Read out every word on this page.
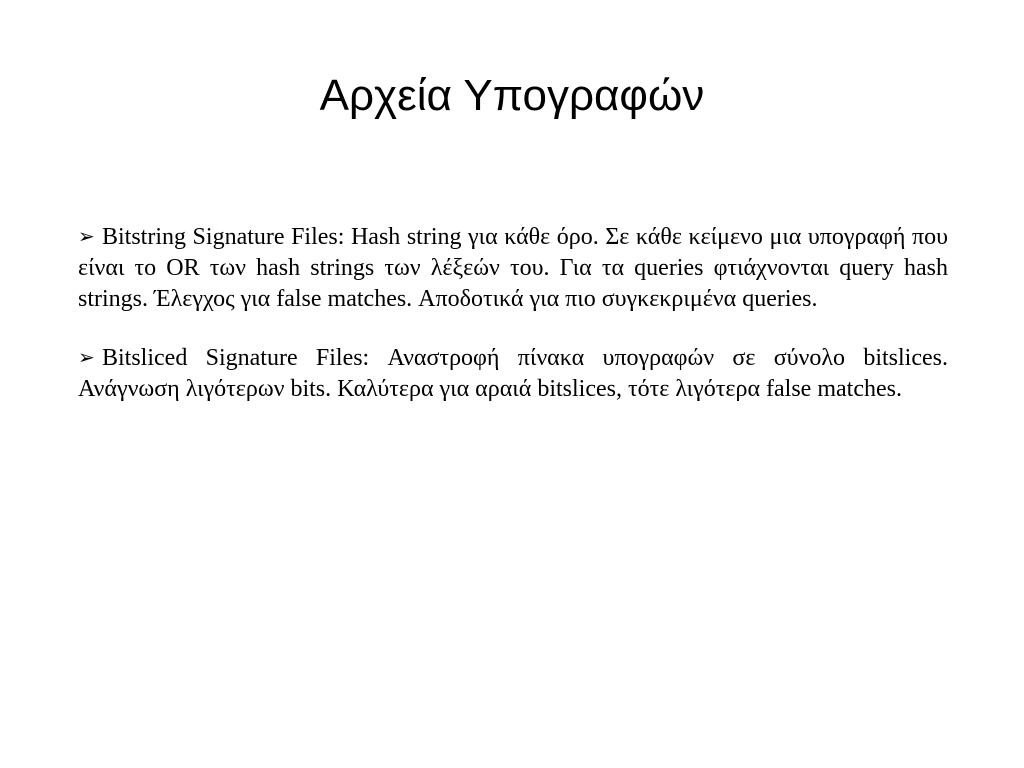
Αρχεία Υπογραφών
➢ Bitstring Signature Files: Hash string για κάθε όρο. Σε κάθε κείμενο μια υπογραφή που είναι το OR των hash strings των λέξεών του. Για τα queries φτιάχνονται query hash strings. Έλεγχος για false matches. Αποδοτικά για πιο συγκεκριμένα queries.
➢ Bitsliced Signature Files: Αναστροφή πίνακα υπογραφών σε σύνολο bitslices. Ανάγνωση λιγότερων bits. Καλύτερα για αραιά bitslices, τότε λιγότερα false matches.
